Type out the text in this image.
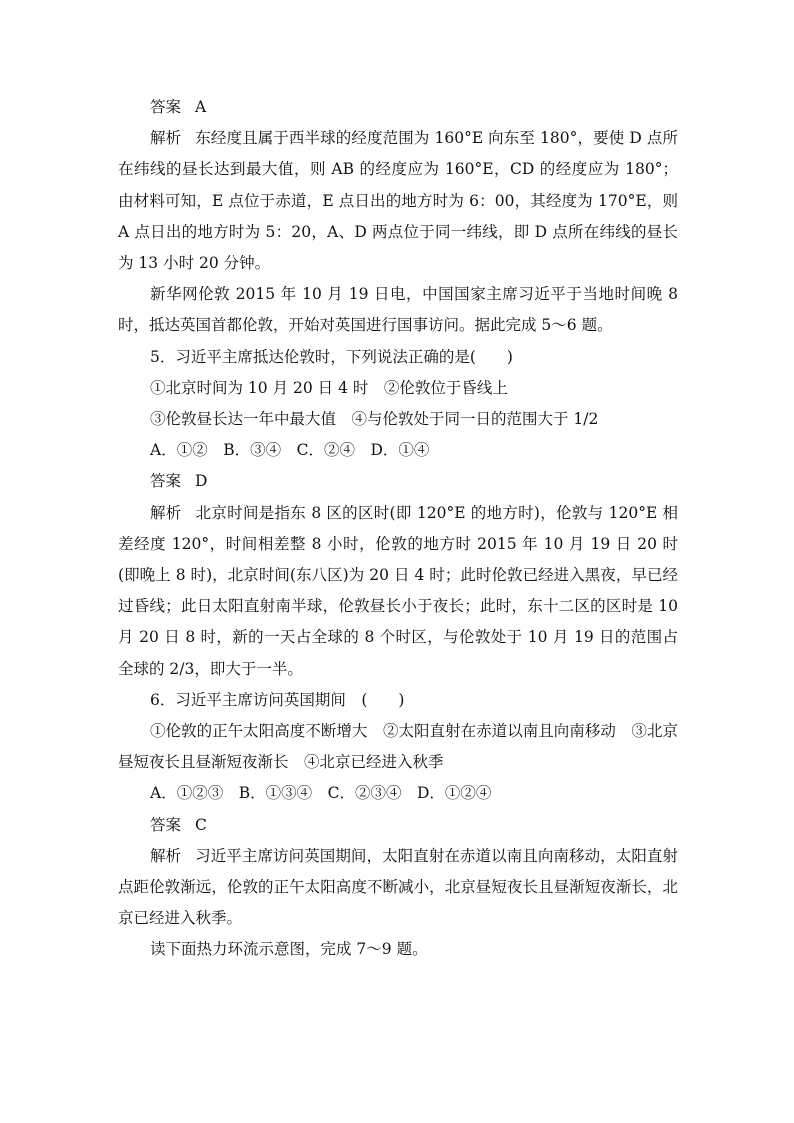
答案 A

解析 东经度且属于西半球的经度范围为 160°E 向东至 180°，要使 D 点所在纬线的昼长达到最大值，则 AB 的经度应为 160°E，CD 的经度应为 180°；由材料可知，E 点位于赤道，E 点日出的地方时为 6：00，其经度为 170°E，则 A 点日出的地方时为 5：20，A、D 两点位于同一纬线，即 D 点所在纬线的昼长为 13 小时 20 分钟。

新华网伦敦 2015 年 10 月 19 日电，中国国家主席习近平于当地时间晚 8 时，抵达英国首都伦敦，开始对英国进行国事访问。据此完成 5～6 题。

5．习近平主席抵达伦敦时，下列说法正确的是(　　)

①北京时间为 10 月 20 日 4 时　②伦敦位于昏线上

③伦敦昼长达一年中最大值　④与伦敦处于同一日的范围大于 1/2

A．①②　B．③④　C．②④　D．①④

答案 D

解析 北京时间是指东 8 区的区时(即 120°E 的地方时)，伦敦与 120°E 相差经度 120°，时间相差整 8 小时，伦敦的地方时 2015 年 10 月 19 日 20 时(即晚上 8 时)，北京时间(东八区)为 20 日 4 时；此时伦敦已经进入黑夜，早已经过昏线；此日太阳直射南半球，伦敦昼长小于夜长；此时，东十二区的区时是 10 月 20 日 8 时，新的一天占全球的 8 个时区，与伦敦处于 10 月 19 日的范围占全球的 2/3，即大于一半。

6．习近平主席访问英国期间　(　　)

①伦敦的正午太阳高度不断增大　②太阳直射在赤道以南且向南移动　③北京昼短夜长且昼渐短夜渐长　④北京已经进入秋季

A．①②③　B．①③④　C．②③④　D．①②④

答案 C

解析 习近平主席访问英国期间，太阳直射在赤道以南且向南移动，太阳直射点距伦敦渐远，伦敦的正午太阳高度不断减小，北京昼短夜长且昼渐短夜渐长，北京已经进入秋季。

读下面热力环流示意图，完成 7～9 题。
